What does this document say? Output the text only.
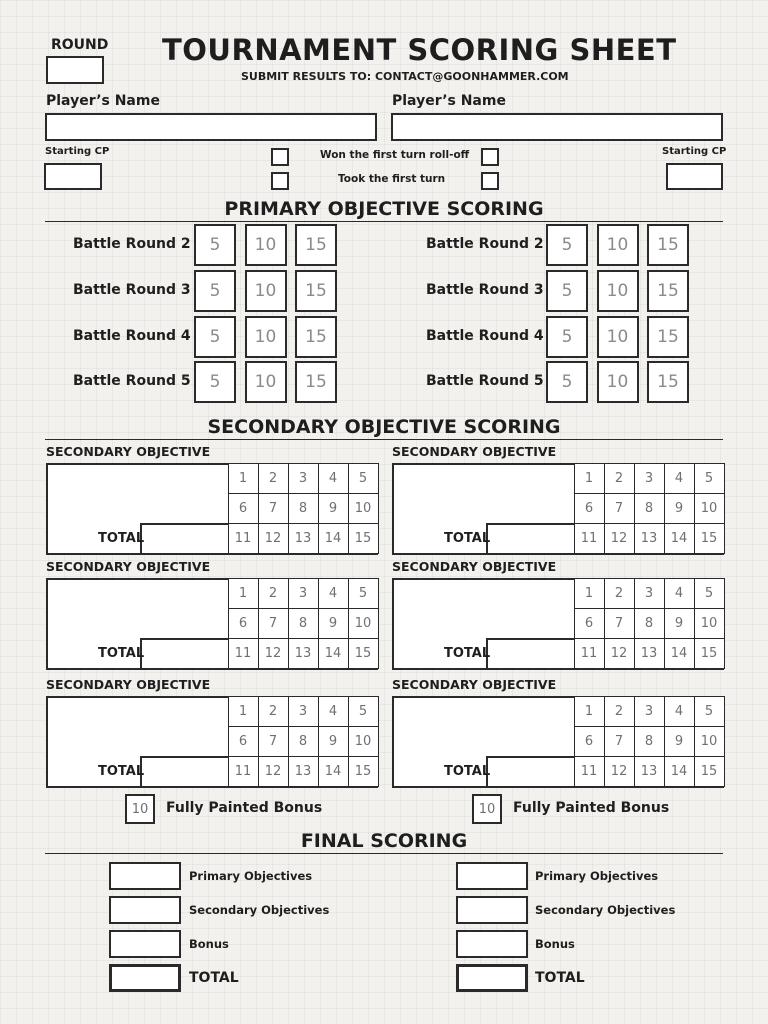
ROUND TOURNAMENT SCORING SHEET
SUBMIT RESULTS TO: CONTACT@GOONHAMMER.COM
Player’s Name
Starting CP
Player’s Name
Starting CP
Won the first turn roll-off
Took the first turn
PRIMARY OBJECTIVE SCORING
Battle Round 2	5	10	15
Battle Round 3	5	10	15
Battle Round 4	5	10	15
Battle Round 5	5	10	15
Battle Round 2	5	10	15
Battle Round 3	5	10	15
Battle Round 4	5	10	15
Battle Round 5	5	10	15
SECONDARY OBJECTIVE SCORING
SECONDARY OBJECTIVE
TOTAL
1	2	3	4	5
6	7	8	9	10
11	12	13	14	15
SECONDARY OBJECTIVE
TOTAL
1	2	3	4	5
6	7	8	9	10
11	12	13	14	15
SECONDARY OBJECTIVE
TOTAL
1	2	3	4	5
6	7	8	9	10
11	12	13	14	15
SECONDARY OBJECTIVE
TOTAL
1	2	3	4	5
6	7	8	9	10
11	12	13	14	15
SECONDARY OBJECTIVE
TOTAL
1	2	3	4	5
6	7	8	9	10
11	12	13	14	15
SECONDARY OBJECTIVE
TOTAL
1	2	3	4	5
6	7	8	9	10
11	12	13	14	15
10	Fully Painted Bonus	10	Fully Painted Bonus
FINAL SCORING
Primary Objectives
Secondary Objectives
Bonus
TOTAL
Primary Objectives
Secondary Objectives
Bonus
TOTAL
